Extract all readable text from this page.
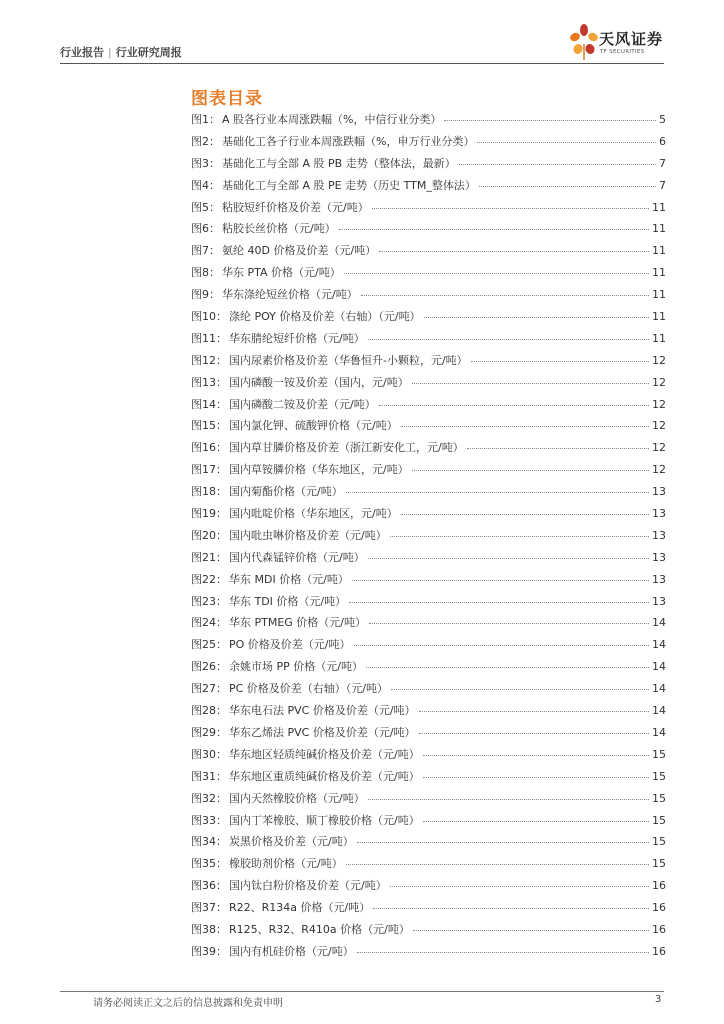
行业报告 | 行业研究周报
天风证券
TF SECURITIES
图表目录
图1： A 股各行业本周涨跌幅（%，中信行业分类）	5
图2： 基础化工各子行业本周涨跌幅（%，申万行业分类）	6
图3： 基础化工与全部 A 股 PB 走势（整体法，最新）	7
图4： 基础化工与全部 A 股 PE 走势（历史 TTM_整体法）	7
图5： 粘胶短纤价格及价差（元/吨）	11
图6： 粘胶长丝价格（元/吨）	11
图7： 氨纶 40D 价格及价差（元/吨）	11
图8： 华东 PTA 价格（元/吨）	11
图9： 华东涤纶短丝价格（元/吨）	11
图10： 涤纶 POY 价格及价差（右轴）（元/吨）	11
图11： 华东腈纶短纤价格（元/吨）	11
图12： 国内尿素价格及价差（华鲁恒升-小颗粒，元/吨）	12
图13： 国内磷酸一铵及价差（国内，元/吨）	12
图14： 国内磷酸二铵及价差（元/吨）	12
图15： 国内氯化钾、硫酸钾价格（元/吨）	12
图16： 国内草甘膦价格及价差（浙江新安化工，元/吨）	12
图17： 国内草铵膦价格（华东地区，元/吨）	12
图18： 国内菊酯价格（元/吨）	13
图19： 国内吡啶价格（华东地区，元/吨）	13
图20： 国内吡虫啉价格及价差（元/吨）	13
图21： 国内代森锰锌价格（元/吨）	13
图22： 华东 MDI 价格（元/吨）	13
图23： 华东 TDI 价格（元/吨）	13
图24： 华东 PTMEG 价格（元/吨）	14
图25： PO 价格及价差（元/吨）	14
图26： 余姚市场 PP 价格（元/吨）	14
图27： PC 价格及价差（右轴）（元/吨）	14
图28： 华东电石法 PVC 价格及价差（元/吨）	14
图29： 华东乙烯法 PVC 价格及价差（元/吨）	14
图30： 华东地区轻质纯碱价格及价差（元/吨）	15
图31： 华东地区重质纯碱价格及价差（元/吨）	15
图32： 国内天然橡胶价格（元/吨）	15
图33： 国内丁苯橡胶、顺丁橡胶价格（元/吨）	15
图34： 炭黑价格及价差（元/吨）	15
图35： 橡胶助剂价格（元/吨）	15
图36： 国内钛白粉价格及价差（元/吨）	16
图37： R22、R134a 价格（元/吨）	16
图38： R125、R32、R410a 价格（元/吨）	16
图39： 国内有机硅价格（元/吨）	16
请务必阅读正文之后的信息披露和免责申明	3
